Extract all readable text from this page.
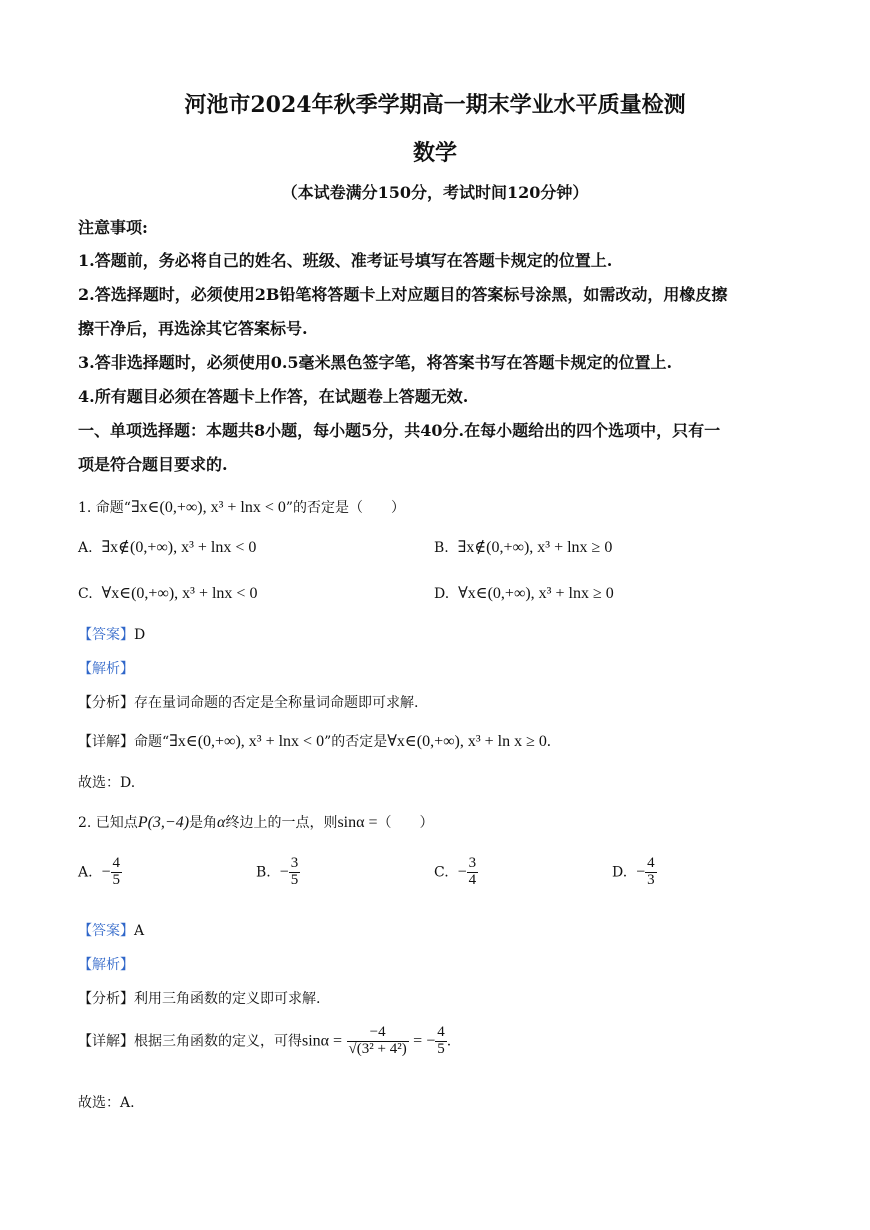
河池市2024年秋季学期高一期末学业水平质量检测
数学
（本试卷满分150分，考试时间120分钟）
注意事项:
1.答题前，务必将自己的姓名、班级、准考证号填写在答题卡规定的位置上.
2.答选择题时，必须使用2B铅笔将答题卡上对应题目的答案标号涂黑，如需改动，用橡皮擦
擦干净后，再选涂其它答案标号.
3.答非选择题时，必须使用0.5毫米黑色签字笔，将答案书写在答题卡规定的位置上.
4.所有题目必须在答题卡上作答，在试题卷上答题无效.
一、单项选择题：本题共8小题，每小题5分，共40分.在每小题给出的四个选项中，只有一
项是符合题目要求的.
1. 命题“∃x∈(0,+∞), x³ + lnx < 0”的否定是（　　）
A. ∃x∉(0,+∞), x³ + lnx < 0	B. ∃x∉(0,+∞), x³ + lnx ≥ 0
C. ∀x∈(0,+∞), x³ + lnx < 0	D. ∀x∈(0,+∞), x³ + lnx ≥ 0
【答案】D
【解析】
【分析】存在量词命题的否定是全称量词命题即可求解.
【详解】命题“∃x∈(0,+∞), x³ + lnx < 0”的否定是∀x∈(0,+∞), x³ + ln x ≥ 0.
故选：D.
2. 已知点P(3,−4)是角α终边上的一点，则sinα =（　　）
A. − $\frac{4}{5}$	B. − $\frac{3}{5}$	C. − $\frac{3}{4}$	D. − $\frac{4}{3}$
【答案】A
【解析】
【分析】利用三角函数的定义即可求解.
【详解】根据三角函数的定义，可得$\sin\alpha = \frac{-4}{\text{√(3² + 4²)}}$ = − $\frac{4}{5}$ .
故选：A.
